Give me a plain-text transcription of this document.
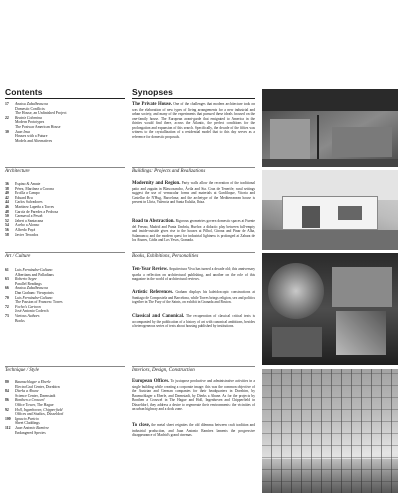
Contents	Synopses
17	Anatxu Zabalbeascoa
Domestic Conflicts:
The House, an Unfinished Project
22	Beatriz Colomina
Modern Prototypes
The Postwar American House
30	Juan Insa
Houses with a Future
Models and Alternatives
The Private House. One of the challenges that modern architecture took on was the elaboration of new types of living arrangements for a new industrial and urban society, and many of the experiments that pursued these ideals focused on the one-family house. The European avant-garde that emigrated to America in the thirties would find there, across the Atlantic, the perfect conditions for the prolongation and expansion of this search. Specifically, the decade of the fifties was witness to the crystallization of a residential model that to this day serves as a reference for domestic proposals.
Architecture	Buildings: Projects and Realizations
36	Espino & Amate
38	Pérez, Martínez a Corona
40	Ercilla a Campo
42	Eduard Bru
44	Carlos Salvadores
46	Martínez Lapeña a Torres
48	García de Paredes a Pedrosa
50	Carmaval a Pesoñ
52	Jabert a Santacana
54	Acebo a Alonso
56	Alfredo Payá
58	Javier Terrados
Modernity and Region. Party walls allow the recreation of the traditional patio and zaguán in Blascosancho, Ávila and Sta. Cruz de Tenerife; rural settings suggest the use of vernacular forms and materials at Gardiloque, Vitoria and Castellar de N'Hug, Barcelona; and the archetype of the Mediterranean house is present in Lliria, Valencia and Santa Eulalia, Ibiza.
Road to Abstraction. Rigorous geometries govern domestic spaces at Fuente del Fresno, Madrid and Punta Umbría, Huelva: a didactic play between full-empty and inside-outside gives rise to the houses at Pilbol, Girona and Pinar de Alba, Salamanca; and the modern quest for industrial lightness is prolonged at Zahara de los Atunes, Cádiz and Los Yesos, Granada.
Art / Culture	Books, Exhibitions, Personalities
61	Luis Fernández-Galiano
Albertians and Palladians
63	Roberto Segre
Parallel Readings
66	Anatxu Zabalbeascoa
Dan Graham: Viewpoints
70	Luis Fernández-Galiano
The Passion of Francesc Torres
72	Focho's Cartoon
José Antonio Coderch
73	Various Authors
Books
Ten-Year Review. Arquitectura Viva has turned a decade old; this anniversary sparks a reflection on architectural publishing, and another on the role of this magazine in the world of architectural reviews.
Artistic References. Graham displays his kaleidoscopic constructions at Santiago de Compostela and Barcelona, while Torres brings religion, sex and politics together in The Fury of the Saints, on exhibit in Granada and Boston.
Classical and Canonical. The recuperation of classical critical texts is accompanied by the publication of a history of art with canonical ambitions, besides a heterogeneous series of texts about housing published by institutions.
Technique / Style	Interiors, Design, Construction
80	Baumschlager a Eberle
ElectroGraf Center, Dornbirn
84	Dierks a Ahune
Science Center, Darmstadt
86	Bonthen a Crouwel
Office Tower, The Hague
92	Holl, Ingenhoven, Chipperfield
Offices and Studios, Düsseldorf
100	Ignacio Paricio
Sheet Claddings
112	Juan Antonio Ramírez
Endangered Species
European Offices. To juxtapose productive and administrative activities in a single building while creating a corporate image: this was the common objective of the Austrian and German companies for their headquarters in Dornbirn, by Baumschlager a Eberle, and Darmstadt, by Dierks a Ahune. As for the projects by Bonthen a Crouwel in The Hague and Holl, Ingenhoven and Chipperfield in Düsseldorf, they address a desire to regenerate their environments: the vicinities of an urban highway and a dock zone.
To close, the metal sheet reignites the old dilemma between craft tradition and industrial production, and Juan Antonio Ramírez laments the progressive disappearance of Madrid's grand cinemas.
